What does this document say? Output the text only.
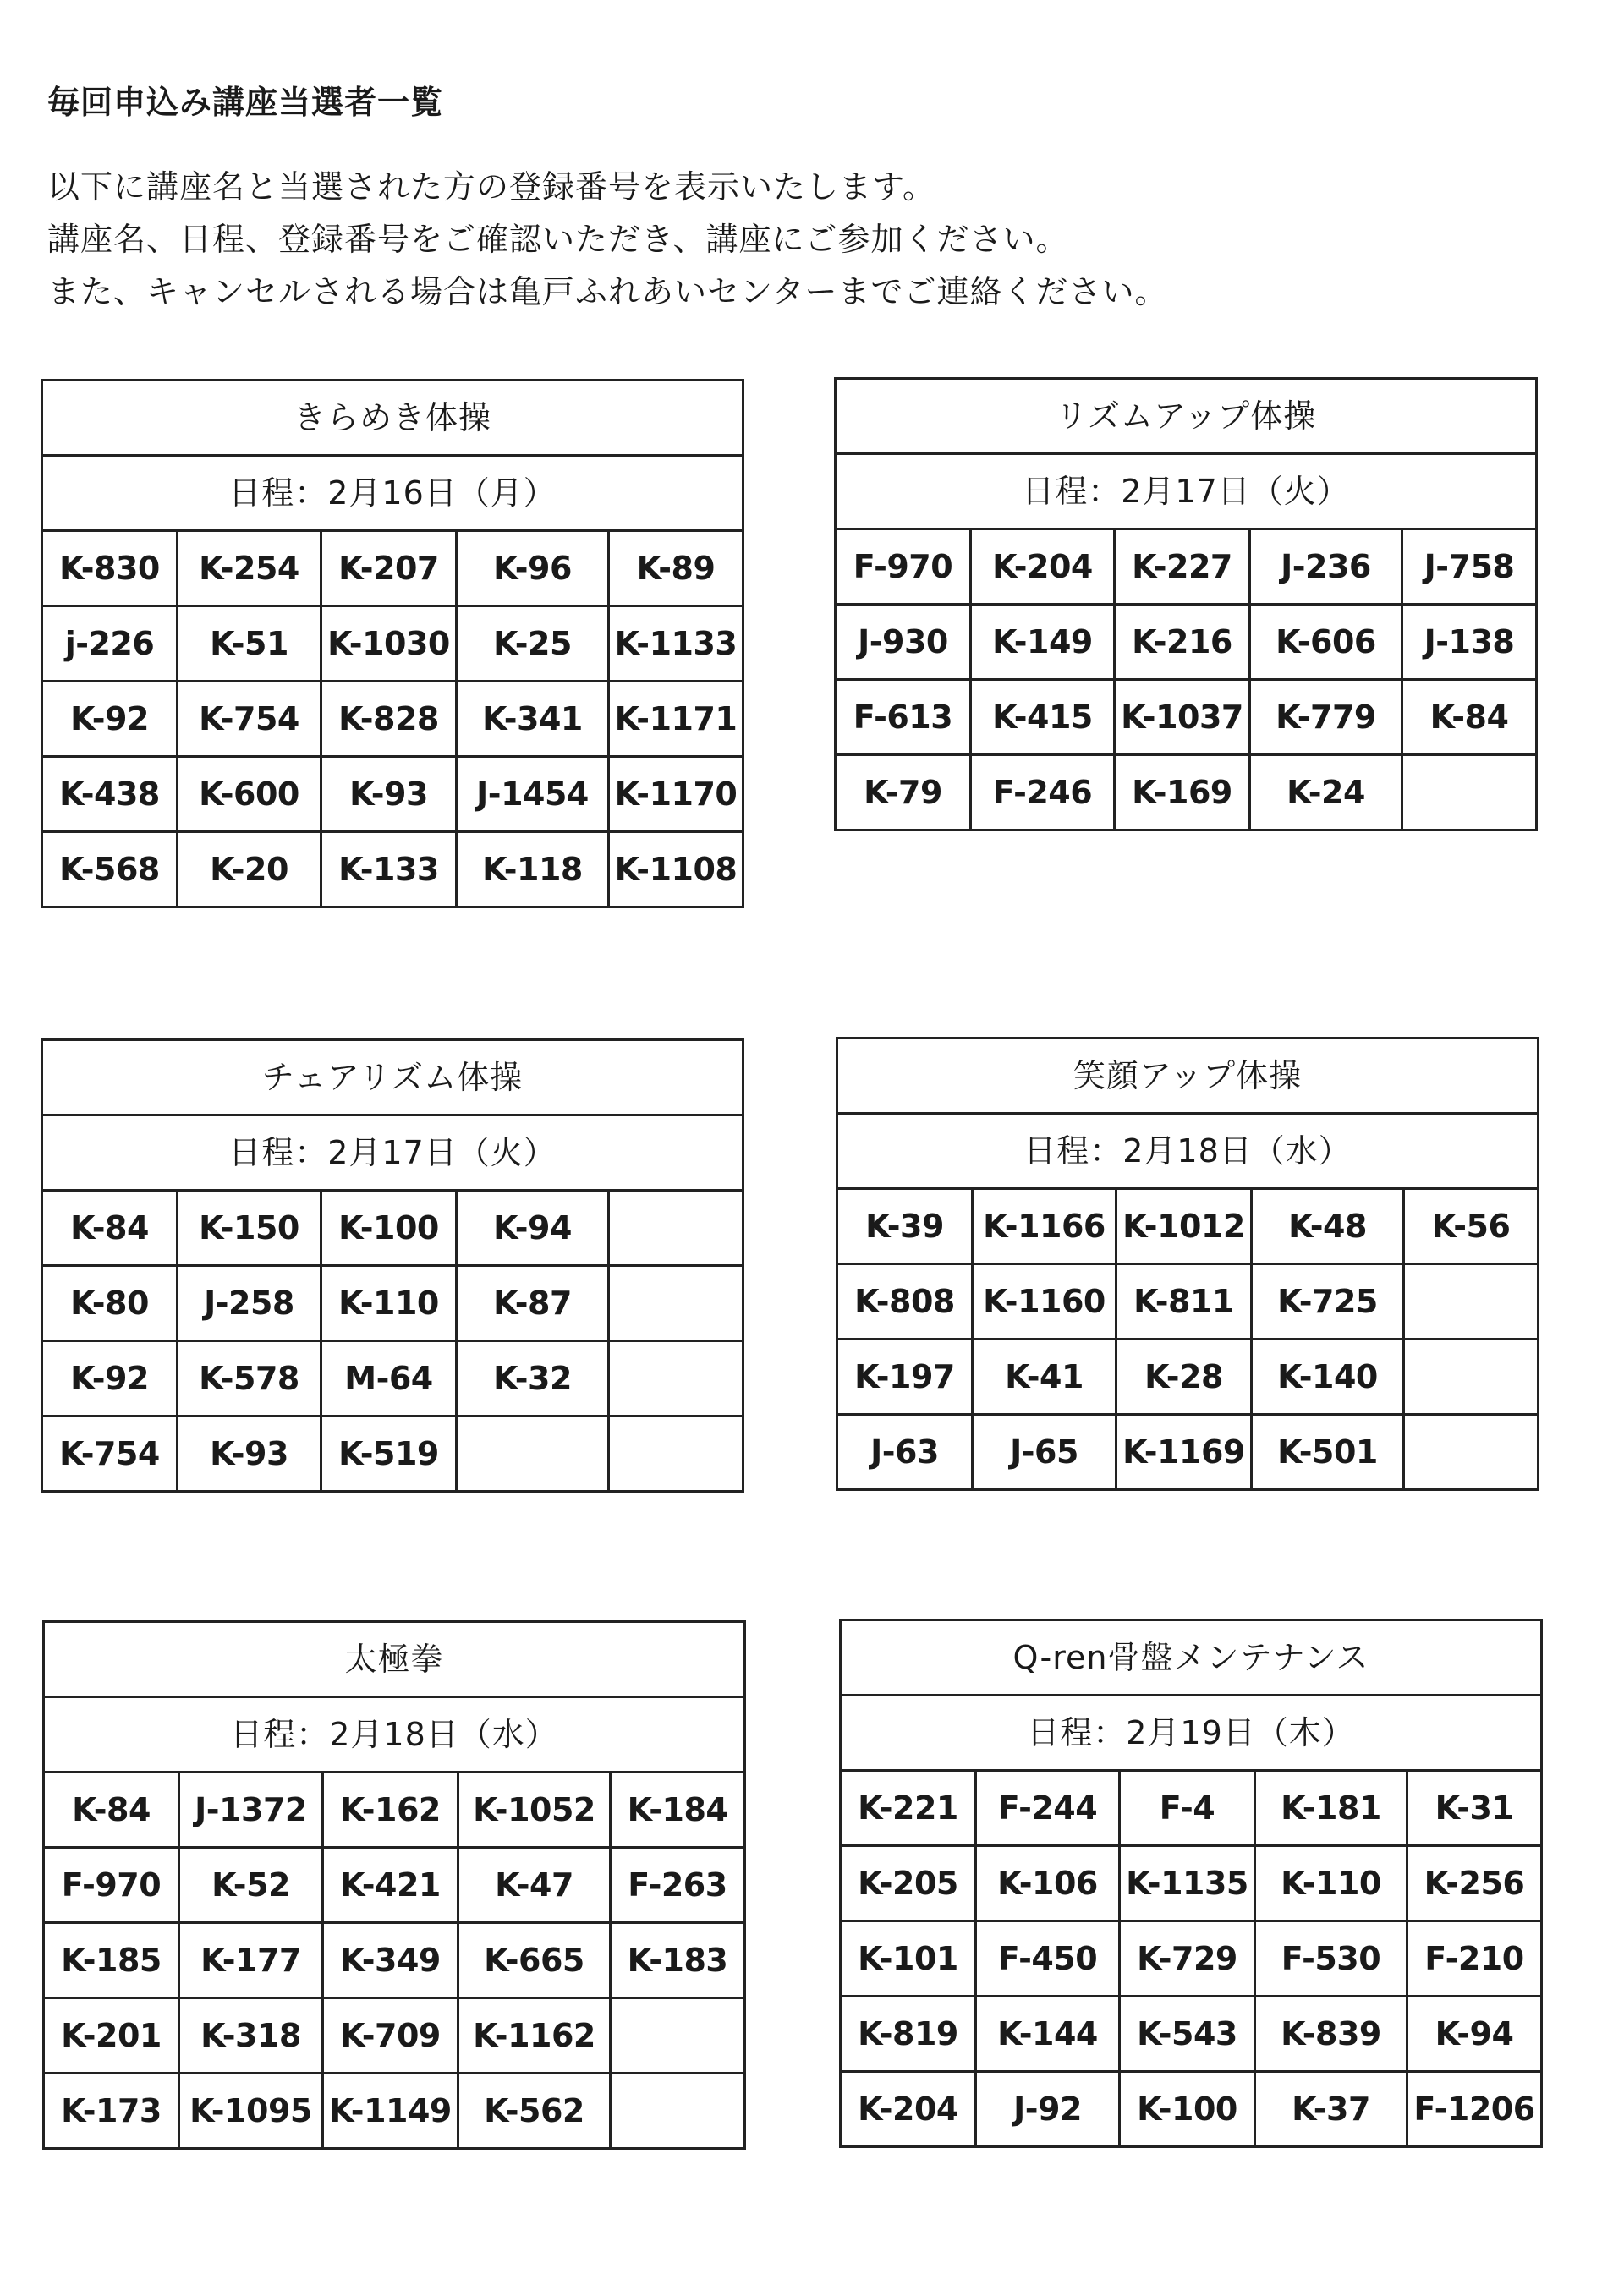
毎回申込み講座当選者一覧

以下に講座名と当選された方の登録番号を表示いたします。

講座名、日程、登録番号をご確認いただき、講座にご参加ください。

また、キャンセルされる場合は亀戸ふれあいセンターまでご連絡ください。

きらめき体操
日程：2月16日（月）
K-830	K-254	K-207	K-96	K-89
j-226	K-51	K-1030	K-25	K-1133
K-92	K-754	K-828	K-341 K-1171
K-438	K-600	K-93	J-1454 K-1170
K-568	K-20	K-133	K-118 K-1108
リズムアップ体操
日程：2月17日（火）
F-970	K-204	K-227	J-236	J-758
J-930	K-149	K-216	K-606	J-138
F-613	K-415 K-1037	K-779	K-84
K-79	F-246	K-169	K-24
チェアリズム体操
日程：2月17日（火）
K-84	K-150	K-100	K-94
K-80	J-258	K-110	K-87
K-92	K-578	M-64	K-32
K-754	K-93	K-519
笑顔アップ体操
日程：2月18日（水）
K-39	K-1166 K-1012	K-48	K-56
K-808 K-1160 K-811	K-725
K-197	K-41	K-28	K-140
J-63	J-65	K-1169	K-501
太極拳
日程：2月18日（水）
K-84	J-1372	K-162	K-1052 K-184
F-970	K-52	K-421	K-47	F-263
K-185	K-177	K-349	K-665	K-183
K-201	K-318	K-709	K-1162
K-173 K-1095 K-1149	K-562
Q-ren骨盤メンテナンス
日程：2月19日（木）
K-221	F-244	F-4	K-181	K-31
K-205	K-106 K-1135	K-110	K-256
K-101	F-450	K-729	F-530	F-210
K-819	K-144	K-543	K-839	K-94
K-204	J-92	K-100	K-37	F-1206
